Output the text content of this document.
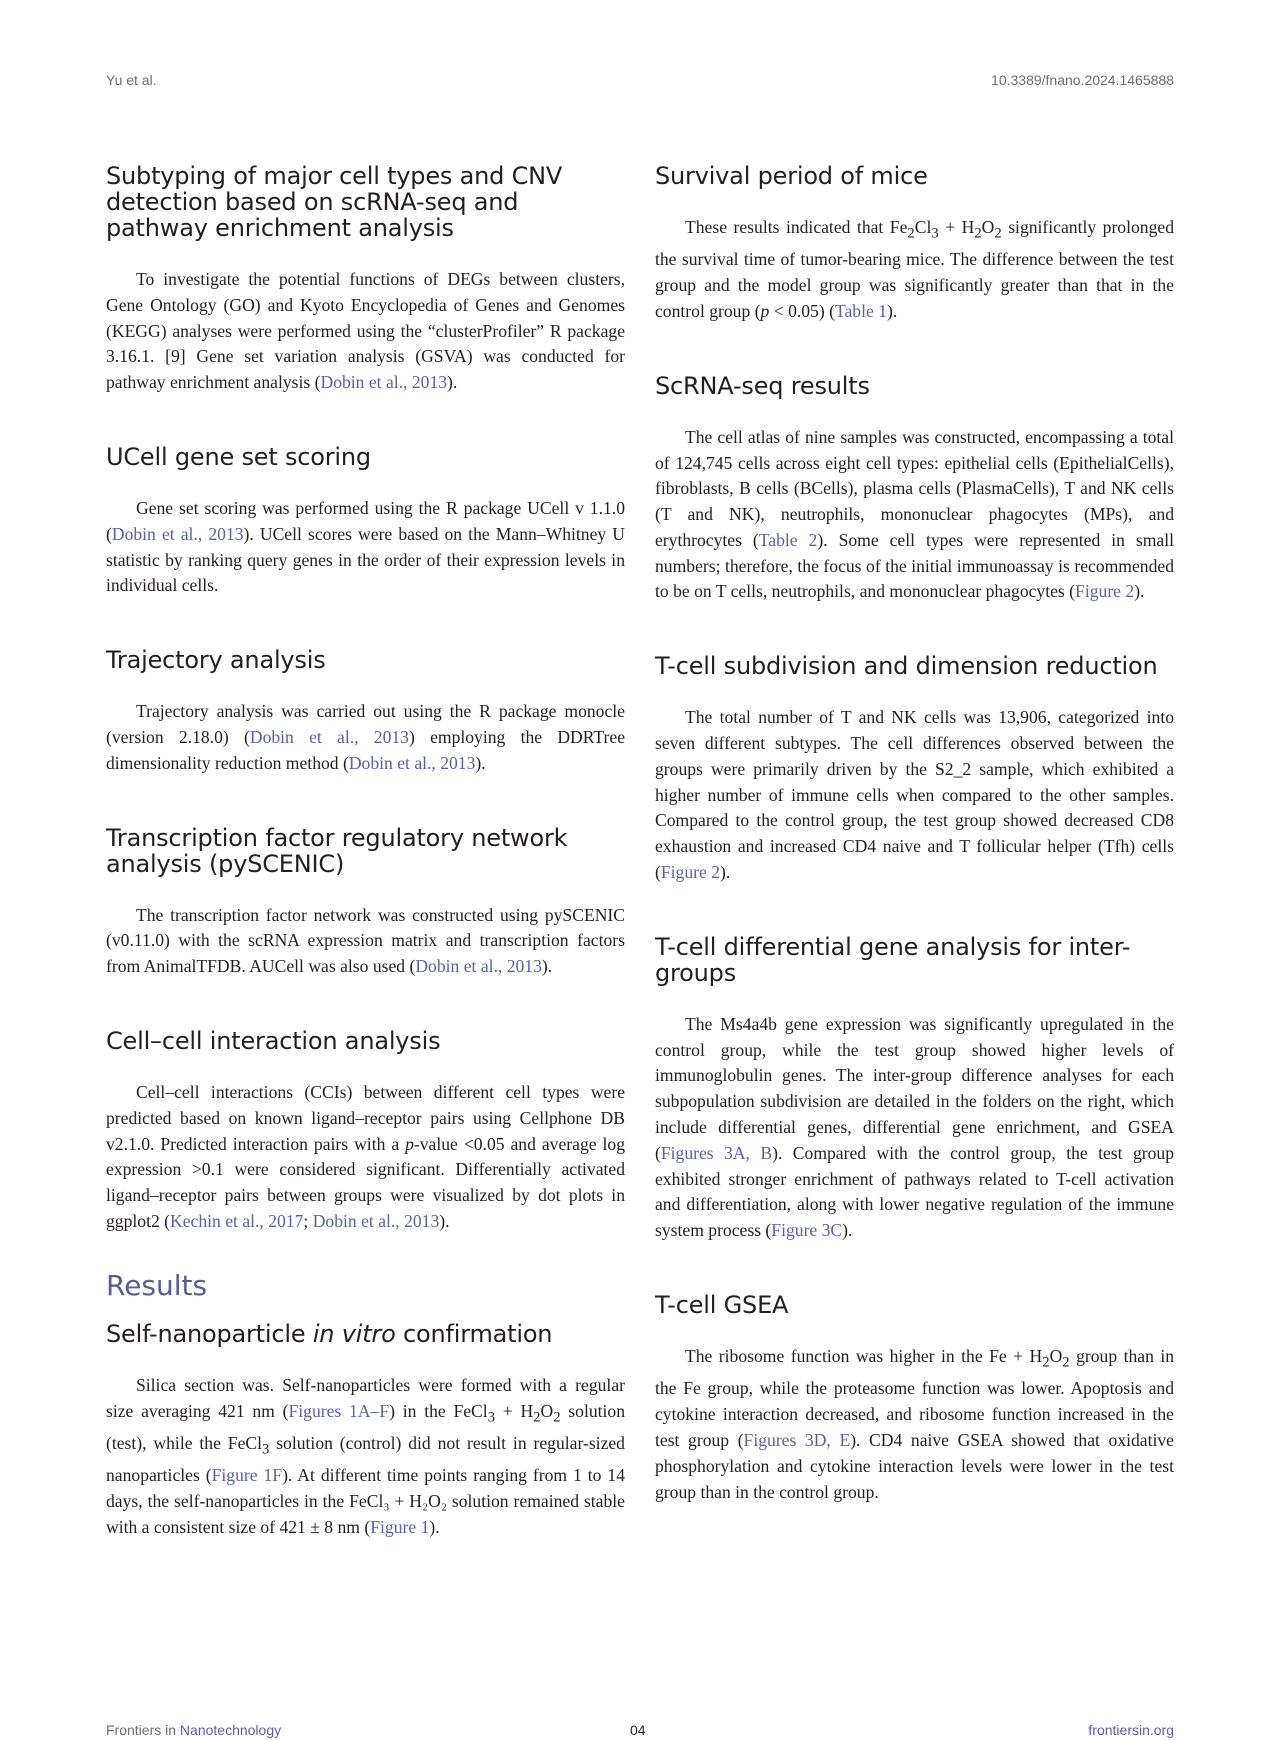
Yu et al.	10.3389/fnano.2024.1465888
Subtyping of major cell types and CNV detection based on scRNA-seq and pathway enrichment analysis

To investigate the potential functions of DEGs between clusters, Gene Ontology (GO) and Kyoto Encyclopedia of Genes and Genomes (KEGG) analyses were performed using the “clusterProfiler” R package 3.16.1. [9] Gene set variation analysis (GSVA) was conducted for pathway enrichment analysis (Dobin et al., 2013).

UCell gene set scoring

Gene set scoring was performed using the R package UCell v 1.1.0 (Dobin et al., 2013). UCell scores were based on the Mann–Whitney U statistic by ranking query genes in the order of their expression levels in individual cells.

Trajectory analysis

Trajectory analysis was carried out using the R package monocle (version 2.18.0) (Dobin et al., 2013) employing the DDRTree dimensionality reduction method (Dobin et al., 2013).

Transcription factor regulatory network analysis (pySCENIC)

The transcription factor network was constructed using pySCENIC (v0.11.0) with the scRNA expression matrix and transcription factors from AnimalTFDB. AUCell was also used (Dobin et al., 2013).

Cell–cell interaction analysis

Cell–cell interactions (CCIs) between different cell types were predicted based on known ligand–receptor pairs using Cellphone DB v2.1.0. Predicted interaction pairs with a p-value <0.05 and average log expression >0.1 were considered significant. Differentially activated ligand–receptor pairs between groups were visualized by dot plots in ggplot2 (Kechin et al., 2017; Dobin et al., 2013).

Results
Self-nanoparticle in vitro confirmation

Silica section was. Self-nanoparticles were formed with a regular size averaging 421 nm (Figures 1A–F) in the FeCl$_3$ + $H_2O_2$ solution (test), while the FeCl$_3$ solution (control) did not result in regular-sized nanoparticles (Figure 1F). At different time points ranging from 1 to 14 days, the self-nanoparticles in the FeCl₃ + H₂O₂ solution remained stable with a consistent size of 421 ± 8 nm (Figure 1).

Survival period of mice

These results indicated that $Fe_2Cl_3 + H_2O_2$ significantly prolonged the survival time of tumor-bearing mice. The difference between the test group and the model group was significantly greater than that in the control group (p < 0.05) (Table 1).

ScRNA-seq results

The cell atlas of nine samples was constructed, encompassing a total of 124,745 cells across eight cell types: epithelial cells (EpithelialCells), fibroblasts, B cells (BCells), plasma cells (PlasmaCells), T and NK cells (T and NK), neutrophils, mononuclear phagocytes (MPs), and erythrocytes (Table 2). Some cell types were represented in small numbers; therefore, the focus of the initial immunoassay is recommended to be on T cells, neutrophils, and mononuclear phagocytes (Figure 2).

T-cell subdivision and dimension reduction

The total number of T and NK cells was 13,906, categorized into seven different subtypes. The cell differences observed between the groups were primarily driven by the S2_2 sample, which exhibited a higher number of immune cells when compared to the other samples. Compared to the control group, the test group showed decreased CD8 exhaustion and increased CD4 naive and T follicular helper (Tfh) cells (Figure 2).

T-cell differential gene analysis for inter-groups

The Ms4a4b gene expression was significantly upregulated in the control group, while the test group showed higher levels of immunoglobulin genes. The inter-group difference analyses for each subpopulation subdivision are detailed in the folders on the right, which include differential genes, differential gene enrichment, and GSEA (Figures 3A, B). Compared with the control group, the test group exhibited stronger enrichment of pathways related to T-cell activation and differentiation, along with lower negative regulation of the immune system process (Figure 3C).

T-cell GSEA

The ribosome function was higher in the $Fe + H_2O_2$ group than in the Fe group, while the proteasome function was lower. Apoptosis and cytokine interaction decreased, and ribosome function increased in the test group (Figures 3D, E). CD4 naive GSEA showed that oxidative phosphorylation and cytokine interaction levels were lower in the test group than in the control group.

Frontiers in Nanotechnology	04	frontiersin.org
